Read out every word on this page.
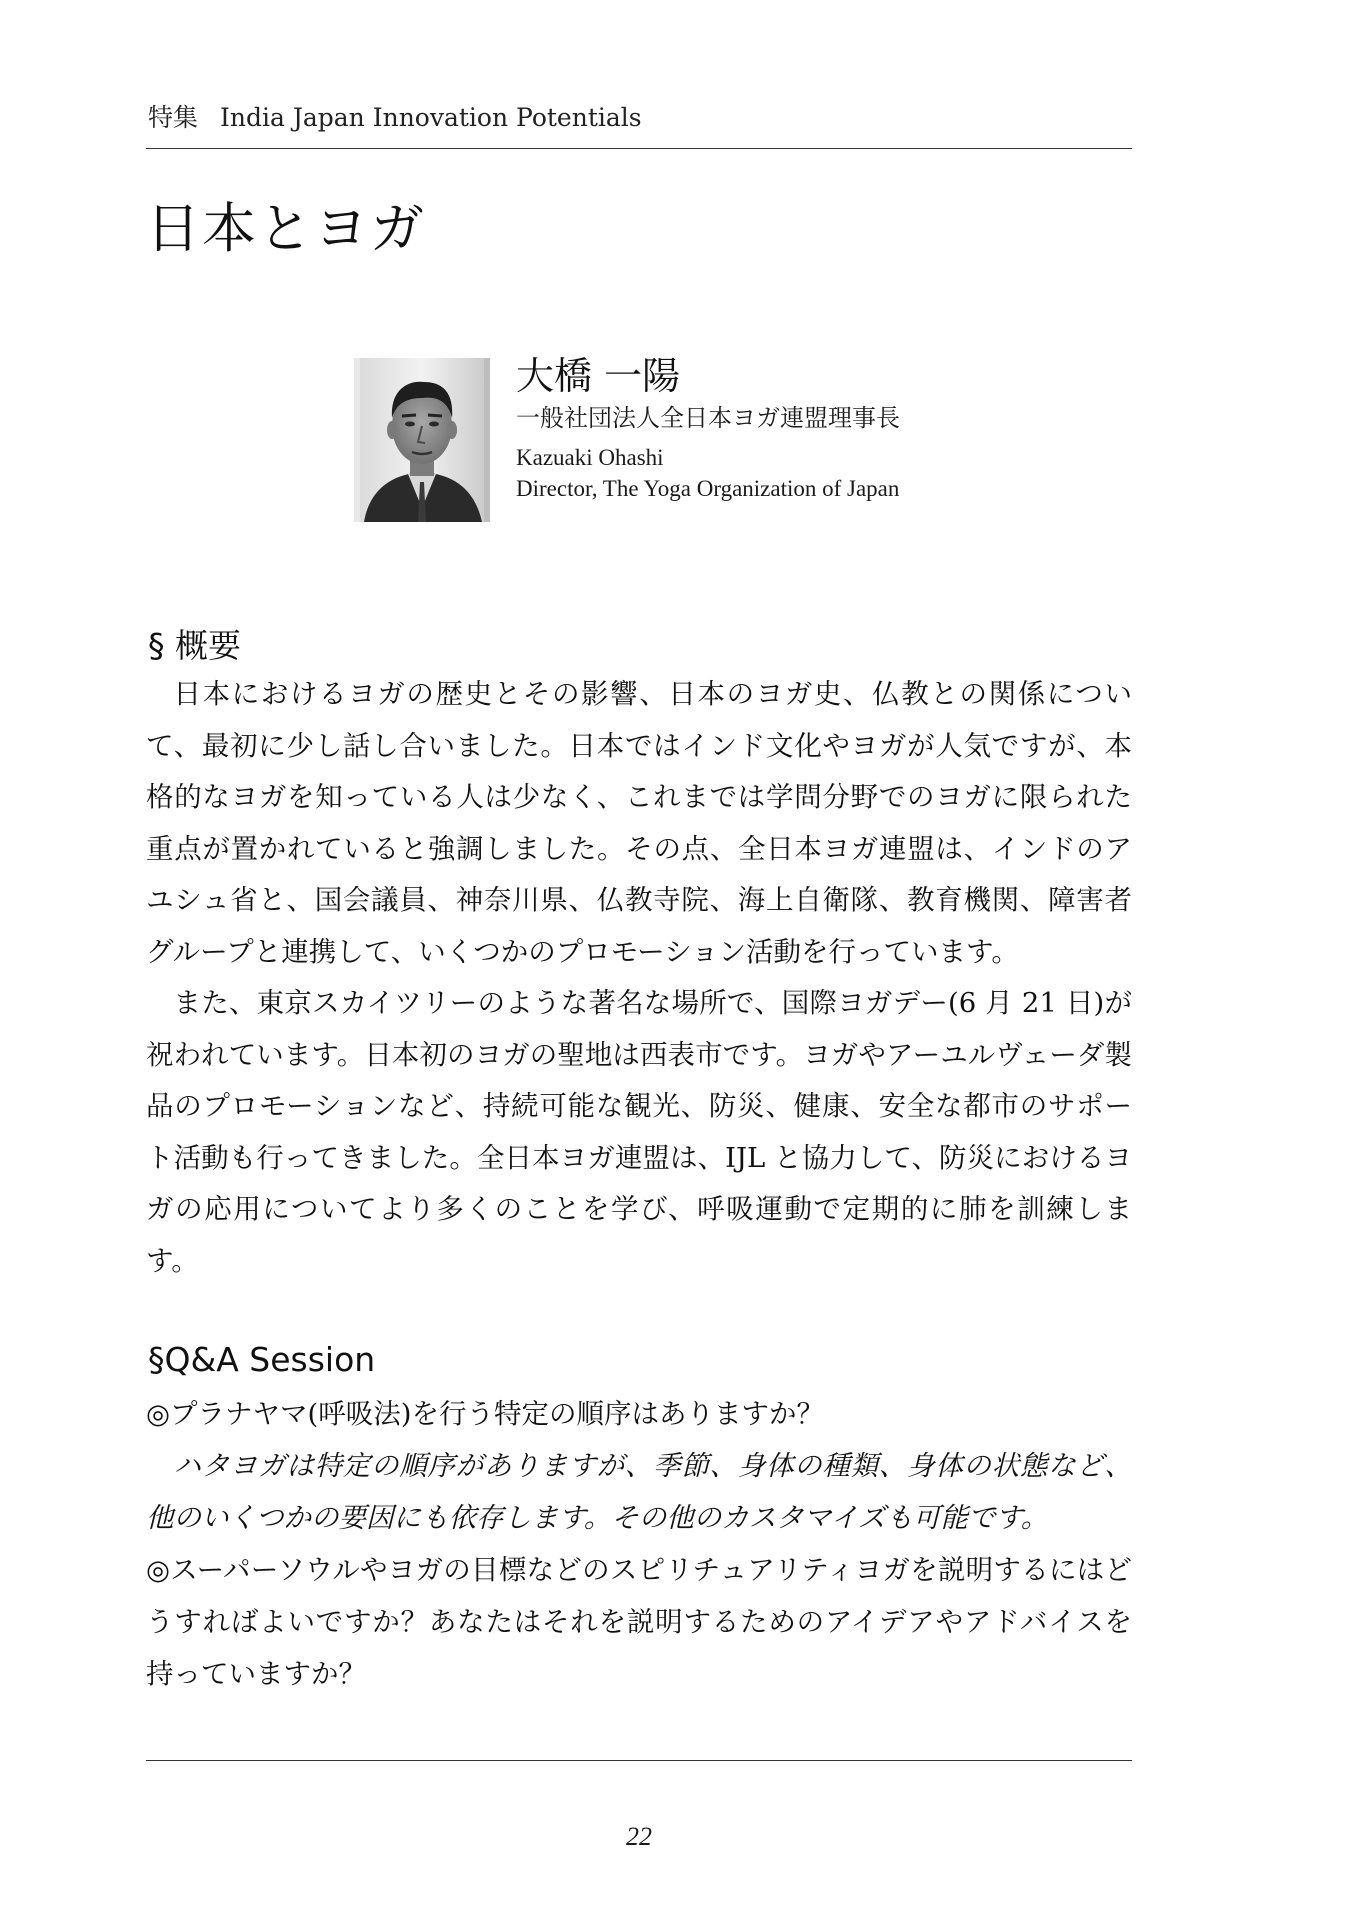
特集 India Japan Innovation Potentials
日本とヨガ
大橋 一陽
一般社団法人全日本ヨガ連盟理事長
Kazuaki Ohashi
Director, The Yoga Organization of Japan
§ 概要

日本におけるヨガの歴史とその影響、日本のヨガ史、仏教との関係について、最初に少し話し合いました。日本ではインド文化やヨガが人気ですが、本格的なヨガを知っている人は少なく、これまでは学問分野でのヨガに限られた重点が置かれていると強調しました。その点、全日本ヨガ連盟は、インドのアユシュ省と、国会議員、神奈川県、仏教寺院、海上自衛隊、教育機関、障害者グループと連携して、いくつかのプロモーション活動を行っています。

また、東京スカイツリーのような著名な場所で、国際ヨガデー(6 月 21 日)が祝われています。日本初のヨガの聖地は西表市です。ヨガやアーユルヴェーダ製品のプロモーションなど、持続可能な観光、防災、健康、安全な都市のサポート活動も行ってきました。全日本ヨガ連盟は、IJL と協力して、防災におけるヨガの応用についてより多くのことを学び、呼吸運動で定期的に肺を訓練します。

§Q&A Session

◎プラナヤマ(呼吸法)を行う特定の順序はありますか？

ハタヨガは特定の順序がありますが、季節、身体の種類、身体の状態など、他のいくつかの要因にも依存します。その他のカスタマイズも可能です。

◎スーパーソウルやヨガの目標などのスピリチュアリティヨガを説明するにはどうすればよいですか？あなたはそれを説明するためのアイデアやアドバイスを持っていますか？

22
